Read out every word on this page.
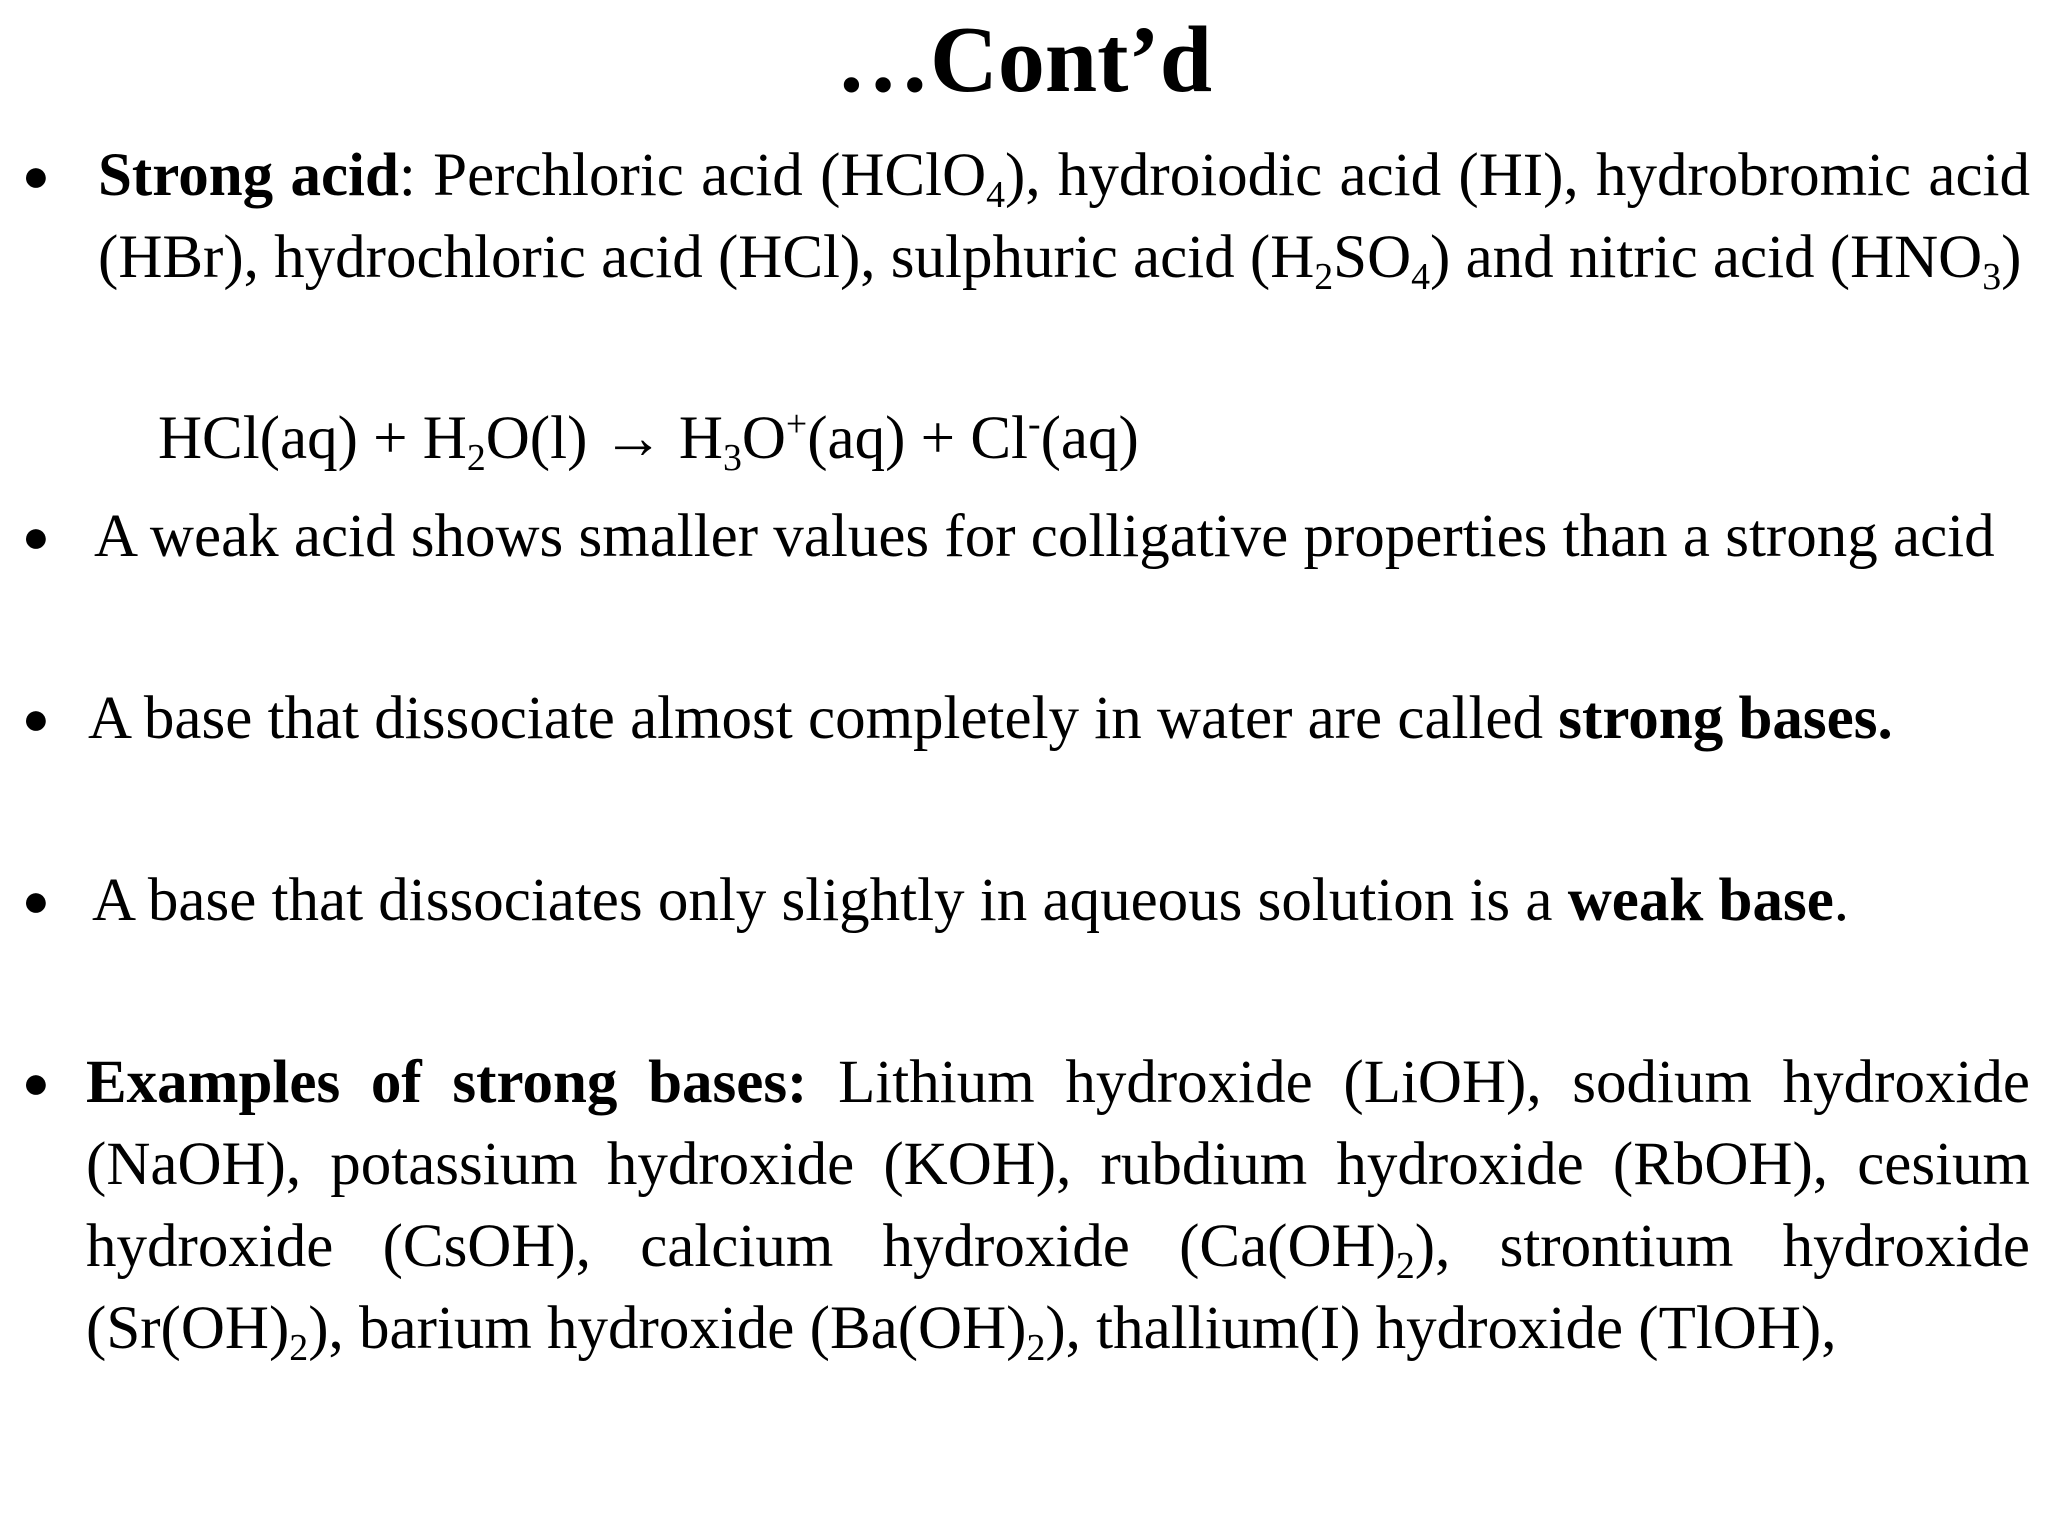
…Cont’d
● Strong acid: Perchloric acid (HClO$_4$), hydroiodic acid (HI), hydrobromic acid (HBr), hydrochloric acid (HCl), sulphuric acid $(H_2SO_4)$ and nitric acid $(HNO_3)$

$HCl(aq) + H_2O(l) \to H_3O^+(aq) + Cl^-(aq)$
● A weak acid shows smaller values for colligative properties than a strong acid

● A base that dissociate almost completely in water are called strong bases.

● A base that dissociates only slightly in aqueous solution is a weak base.

● Examples of strong bases: Lithium hydroxide (LiOH), sodium hydroxide (NaOH), potassium hydroxide (KOH), rubdium hydroxide (RbOH), cesium hydroxide (CsOH), calcium hydroxide $(Ca(OH)_2)$, strontium hydroxide $(Sr(OH)_2)$, barium hydroxide $(Ba(OH)_2)$, thallium(I) hydroxide (TlOH),
